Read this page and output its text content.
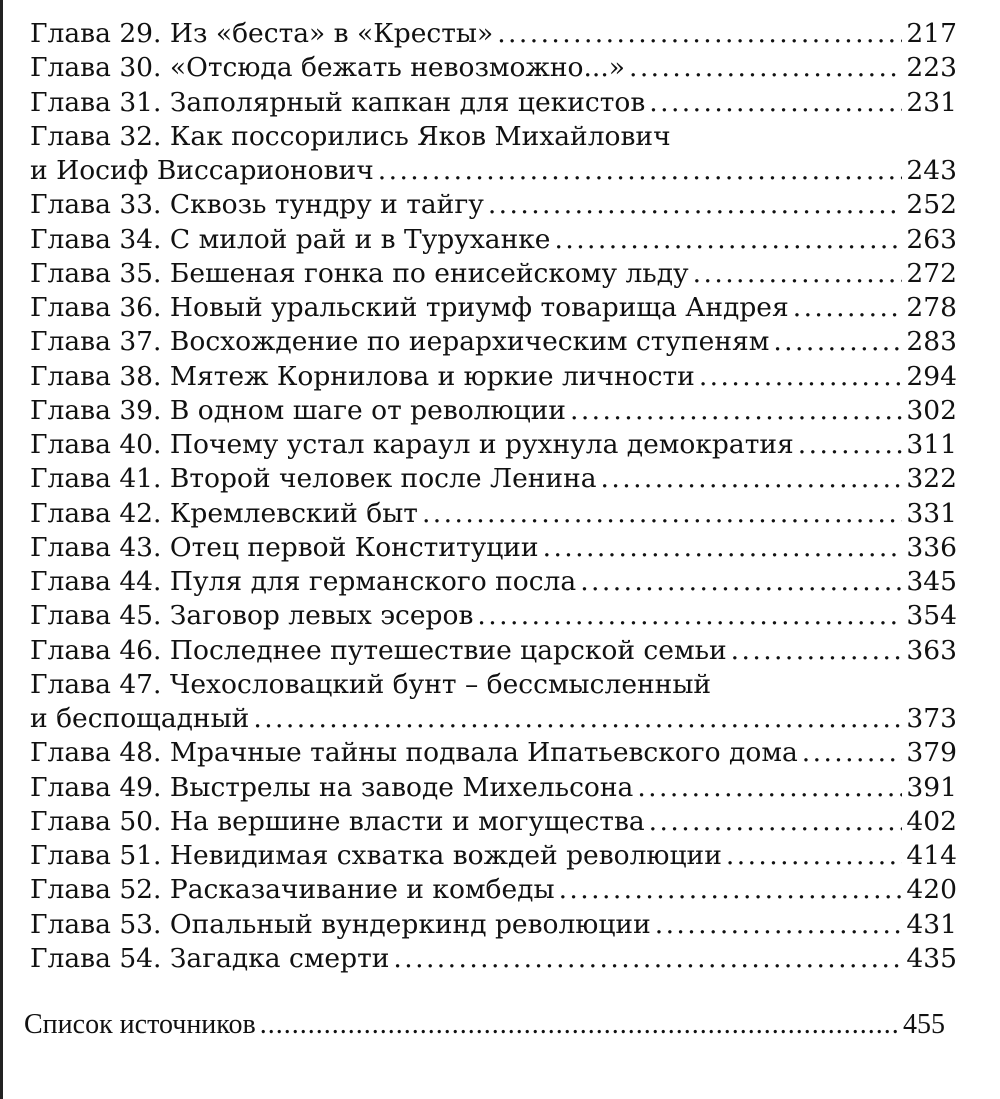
Глава 29. Из «беста» в «Кресты» . . .	217
Глава 30. «Отсюда бежать невозможно...» . . .	223
Глава 31. Заполярный капкан для цекистов . . .	231
Глава 32. Как поссорились Яков Михайлович
и Иосиф Виссарионович . . .	243
Глава 33. Сквозь тундру и тайгу . . .	252
Глава 34. С милой рай и в Туруханке . . .	263
Глава 35. Бешеная гонка по енисейскому льду . . .	272
Глава 36. Новый уральский триумф товарища Андрея . . .	278
Глава 37. Восхождение по иерархическим ступеням . . .	283
Глава 38. Мятеж Корнилова и юркие личности . . .	294
Глава 39. В одном шаге от революции . . .	302
Глава 40. Почему устал караул и рухнула демократия . . .	311
Глава 41. Второй человек после Ленина . . .	322
Глава 42. Кремлевский быт . . .	331
Глава 43. Отец первой Конституции . . .	336
Глава 44. Пуля для германского посла . . .	345
Глава 45. Заговор левых эсеров . . .	354
Глава 46. Последнее путешествие царской семьи . . .	363
Глава 47. Чехословацкий бунт – бессмысленный
и беспощадный . . .	373
Глава 48. Мрачные тайны подвала Ипатьевского дома . . .	379
Глава 49. Выстрелы на заводе Михельсона . . .	391
Глава 50. На вершине власти и могущества . . .	402
Глава 51. Невидимая схватка вождей революции . . .	414
Глава 52. Расказачивание и комбеды . . .	420
Глава 53. Опальный вундеркинд революции . . .	431
Глава 54. Загадка смерти . . .	435
Список источников . . .	455
